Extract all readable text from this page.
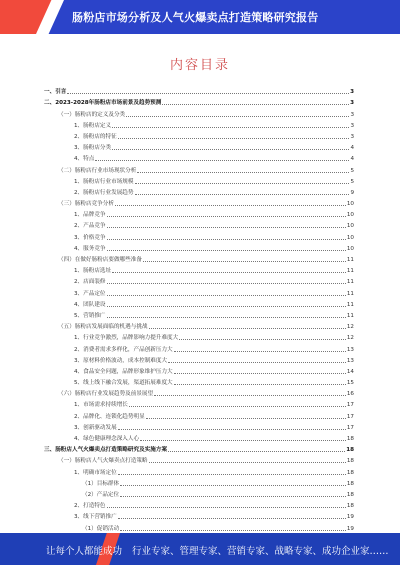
肠粉店市场分析及人气火爆卖点打造策略研究报告
内容目录
一、引言	3
二、2023-2028年肠粉店市场前景及趋势预测	3
（一）肠粉店的定义及分类	3
1、肠粉店定义	3
2、肠粉店的特征	3
3、肠粉店分类	4
4、特点	4
（二）肠粉店行业市场现状分析	5
1、肠粉店行业市场规模	5
2、肠粉店行业发展趋势	9
（三）肠粉店竞争分析	10
1、品牌竞争	10
2、产品竞争	10
3、价格竞争	10
4、服务竞争	10
（四）在做好肠粉店要做哪些准备	11
1、肠粉店选址	11
2、店面装修	11
3、产品定位	11
4、团队建设	11
5、营销推广	11
（五）肠粉店发展面临的机遇与挑战	12
1、行业竞争激烈，品牌影响力提升难度大	12
2、消费者需求多样化，产品创新压力大	13
3、原材料价格波动，成本控制难度大	13
4、食品安全问题，品牌形象维护压力大	14
5、线上线下融合发展，渠道拓展难度大	15
（六）肠粉店行业发展趋势及前景展望	16
1、市场需求持续增长	17
2、品牌化、连锁化趋势明显	17
3、创新驱动发展	17
4、绿色健康理念深入人心	18
三、肠粉店人气火爆卖点打造策略研究及实施方案	18
（一）肠粉店人气火爆卖点打造策略	18
1、明确市场定位	18
（1）目标群体	18
（2）产品定位	18
2、打造特色	18
3、线下营销推广	19
（1）促销活动	19
让每个人都能成功 行业专家、管理专家、营销专家、战略专家、成功企业家……
